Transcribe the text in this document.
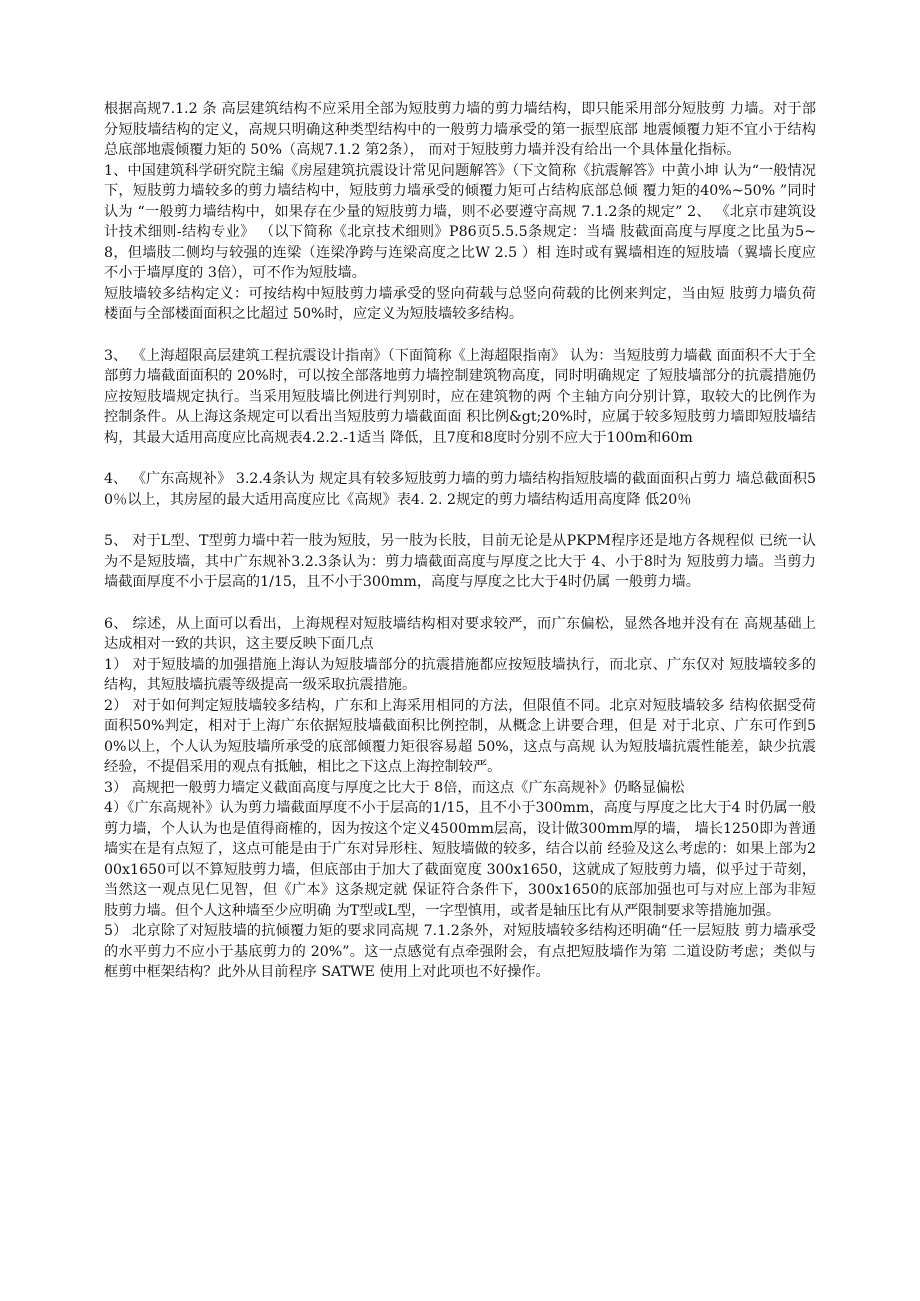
根据高规7.1.2 条 高层建筑结构不应采用全部为短肢剪力墙的剪力墙结构，即只能采用部分短肢剪 力墙。对于部分短肢墙结构的定义，高规只明确这种类型结构中的一般剪力墙承受的第一振型底部 地震倾覆力矩不宜小于结构总底部地震倾覆力矩的 50%（高规7.1.2 第2条）， 而对于短肢剪力墙并没有给出一个具体量化指标。

1、中国建筑科学研究院主编《房屋建筑抗震设计常见问题解答》（下文简称《抗震解答》中黄小坤 认为“一般情况下，短肢剪力墙较多的剪力墙结构中，短肢剪力墙承受的倾覆力矩可占结构底部总倾 覆力矩的40%~50% ”同时认为 “一般剪力墙结构中，如果存在少量的短肢剪力墙，则不必要遵守高规 7.1.2条的规定” 2、 《北京市建筑设计技术细则-结构专业》 （以下简称《北京技术细则》P86页5.5.5条规定：当墙 肢截面高度与厚度之比虽为5~8，但墙肢二侧均与较强的连梁（连梁净跨与连梁高度之比W 2.5 ）相 连时或有翼墙相连的短肢墙（翼墙长度应不小于墙厚度的 3倍），可不作为短肢墙。

短肢墙较多结构定义：可按结构中短肢剪力墙承受的竖向荷载与总竖向荷载的比例来判定，当由短 肢剪力墙负荷楼面与全部楼面面积之比超过 50%时，应定义为短肢墙较多结构。

3、 《上海超限高层建筑工程抗震设计指南》（下面简称《上海超限指南》 认为：当短肢剪力墙截 面面积不大于全部剪力墙截面面积的 20%时，可以按全部落地剪力墙控制建筑物高度，同时明确规定 了短肢墙部分的抗震措施仍应按短肢墙规定执行。当采用短肢墙比例进行判别时，应在建筑物的两 个主轴方向分别计算，取较大的比例作为控制条件。从上海这条规定可以看出当短肢剪力墙截面面 积比例&gt;20%时，应属于较多短肢剪力墙即短肢墙结构，其最大适用高度应比高规表4.2.2.-1适当 降低，且7度和8度时分别不应大于100m和60m

4、 《广东高规补》 3.2.4条认为 规定具有较多短肢剪力墙的剪力墙结构指短肢墙的截面面积占剪力 墙总截面积50％以上，其房屋的最大适用高度应比《高规》表4. 2. 2规定的剪力墙结构适用高度降 低20％

5、 对于L型、T型剪力墙中若一肢为短肢，另一肢为长肢，目前无论是从PKPM程序还是地方各规程似 已统一认为不是短肢墙，其中广东规补3.2.3条认为：剪力墙截面高度与厚度之比大于 4、小于8时为 短肢剪力墙。当剪力墙截面厚度不小于层高的1/15，且不小于300mm，高度与厚度之比大于4时仍属 一般剪力墙。

6、 综述，从上面可以看出，上海规程对短肢墙结构相对要求较严，而广东偏松，显然各地并没有在 高规基础上达成相对一致的共识，这主要反映下面几点

1） 对于短肢墙的加强措施上海认为短肢墙部分的抗震措施都应按短肢墙执行，而北京、广东仅对 短肢墙较多的结构，其短肢墙抗震等级提高一级采取抗震措施。

2） 对于如何判定短肢墙较多结构，广东和上海采用相同的方法，但限值不同。北京对短肢墙较多 结构依据受荷面积50%判定，相对于上海广东依据短肢墙截面积比例控制，从概念上讲要合理，但是 对于北京、广东可作到50%以上，个人认为短肢墙所承受的底部倾覆力矩很容易超 50%，这点与高规 认为短肢墙抗震性能差，缺少抗震经验，不提倡采用的观点有抵触，相比之下这点上海控制较严。

3） 高规把一般剪力墙定义截面高度与厚度之比大于 8倍，而这点《广东高规补》仍略显偏松

4）《广东高规补》认为剪力墙截面厚度不小于层高的1/15，且不小于300mm，高度与厚度之比大于4 时仍属一般剪力墙，个人认为也是值得商榷的，因为按这个定义4500mm层高，设计做300mm厚的墙， 墙长1250即为普通墙实在是有点短了，这点可能是由于广东对异形柱、短肢墙做的较多，结合以前 经验及这么考虑的：如果上部为200x1650可以不算短肢剪力墙，但底部由于加大了截面宽度 300x1650，这就成了短肢剪力墙，似乎过于苛刻，当然这一观点见仁见智，但《广本》这条规定就 保证符合条件下，300x1650的底部加强也可与对应上部为非短肢剪力墙。但个人这种墙至少应明确 为T型或L型，一字型慎用，或者是轴压比有从严限制要求等措施加强。

5） 北京除了对短肢墙的抗倾覆力矩的要求同高规 7.1.2条外，对短肢墙较多结构还明确“任一层短肢 剪力墙承受的水平剪力不应小于基底剪力的 20%”。这一点感觉有点牵强附会，有点把短肢墙作为第 二道设防考虑；类似与框剪中框架结构？此外从目前程序 SATWE 使用上对此项也不好操作。
